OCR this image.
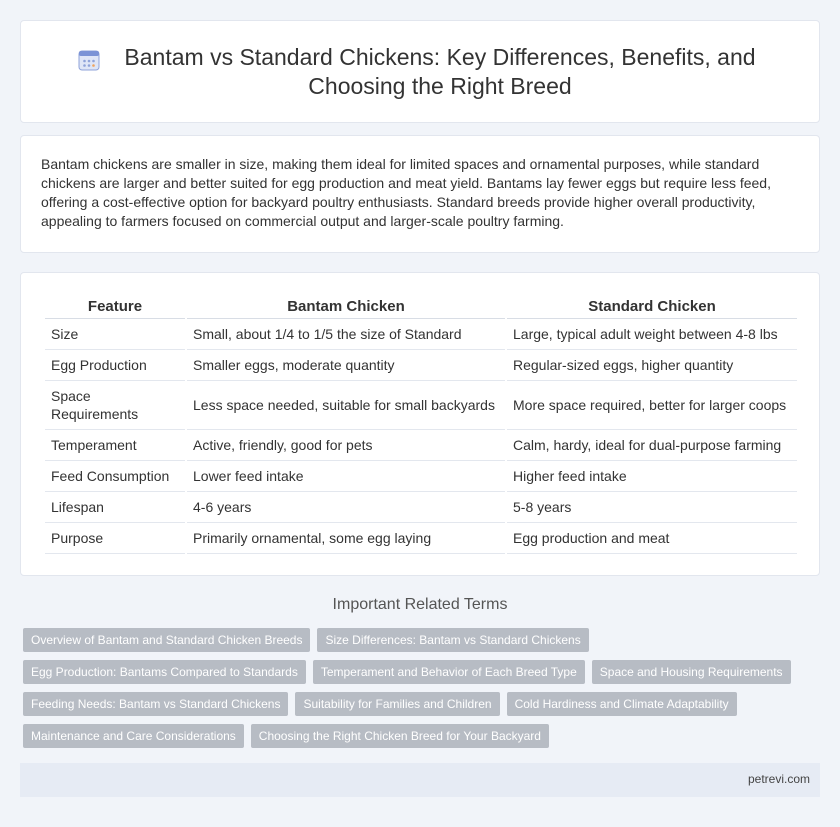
Bantam vs Standard Chickens: Key Differences, Benefits, and Choosing the Right Breed

Bantam chickens are smaller in size, making them ideal for limited spaces and ornamental purposes, while standard chickens are larger and better suited for egg production and meat yield. Bantams lay fewer eggs but require less feed, offering a cost-effective option for backyard poultry enthusiasts. Standard breeds provide higher overall productivity, appealing to farmers focused on commercial output and larger-scale poultry farming.

Feature	Bantam Chicken	Standard Chicken
Size	Small, about 1/4 to 1/5 the size of Standard	Large, typical adult weight between 4-8 lbs
Egg Production	Smaller eggs, moderate quantity	Regular-sized eggs, higher quantity
Space Requirements	Less space needed, suitable for small backyards	More space required, better for larger coops
Temperament	Active, friendly, good for pets	Calm, hardy, ideal for dual-purpose farming
Feed Consumption	Lower feed intake	Higher feed intake
Lifespan	4-6 years	5-8 years
Purpose	Primarily ornamental, some egg laying	Egg production and meat
Important Related Terms
Overview of Bantam and Standard Chicken Breeds	Size Differences: Bantam vs Standard Chickens
Egg Production: Bantams Compared to Standards	Temperament and Behavior of Each Breed Type	Space and Housing Requirements
Feeding Needs: Bantam vs Standard Chickens	Suitability for Families and Children	Cold Hardiness and Climate Adaptability
Maintenance and Care Considerations	Choosing the Right Chicken Breed for Your Backyard
petrevi.com
